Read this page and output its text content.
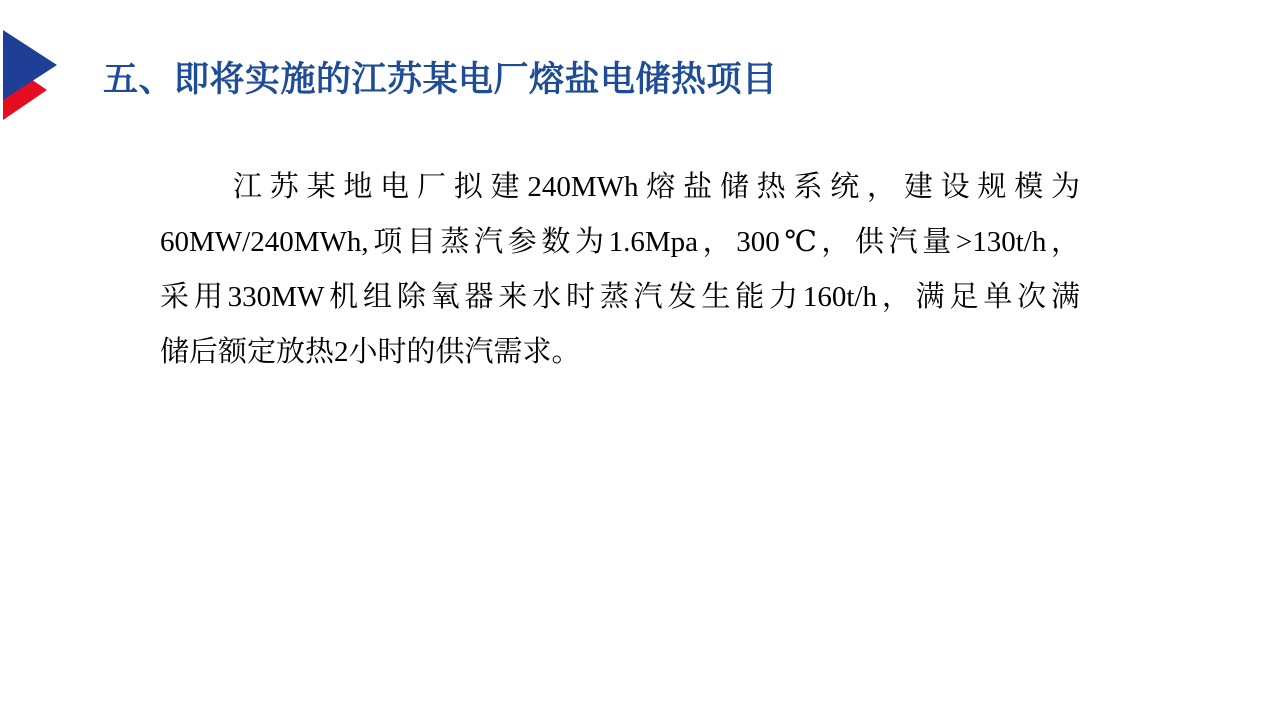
五、即将实施的江苏某电厂熔盐电储热项目
江苏某地电厂拟建240MWh熔盐储热系统，建设规模为
60MW/240MWh,项目蒸汽参数为1.6Mpa，300℃，供汽量>130t/h，
采用330MW机组除氧器来水时蒸汽发生能力160t/h，满足单次满
储后额定放热2小时的供汽需求。
